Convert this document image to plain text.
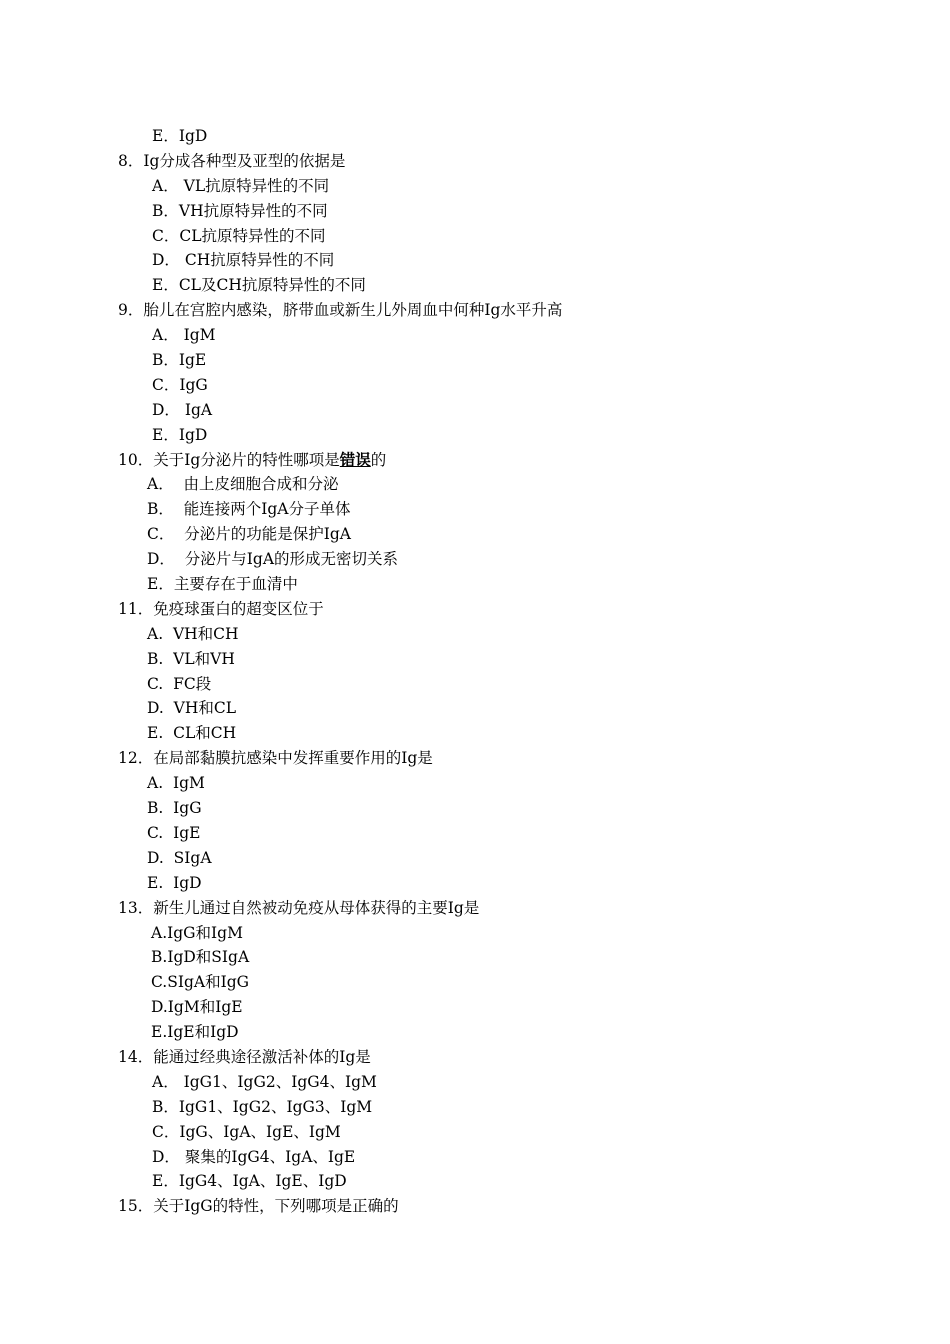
E．IgD
8．Ig分成各种型及亚型的依据是
A． VL抗原特异性的不同
B．VH抗原特异性的不同
C．CL抗原特异性的不同
D． CH抗原特异性的不同
E．CL及CH抗原特异性的不同
9．胎儿在宫腔内感染，脐带血或新生儿外周血中何种Ig水平升高
A． IgM
B．IgE
C．IgG
D． IgA
E．IgD
10．关于Ig分泌片的特性哪项是错误的
A．  由上皮细胞合成和分泌
B．  能连接两个IgA分子单体
C．  分泌片的功能是保护IgA
D．  分泌片与IgA的形成无密切关系
E．主要存在于血清中
11．免疫球蛋白的超变区位于
A.  VH和CH
B.  VL和VH
C.  FC段
D.  VH和CL
E.  CL和CH
12．在局部黏膜抗感染中发挥重要作用的Ig是
A.  IgM
B.  IgG
C.  IgE
D.  SIgA
E.  IgD
13．新生儿通过自然被动免疫从母体获得的主要Ig是
A.IgG和IgM
B.IgD和SIgA
C.SIgA和IgG
D.IgM和IgE
E.IgE和IgD
14．能通过经典途径激活补体的Ig是
A． IgG1、IgG2、IgG4、IgM
B．IgG1、IgG2、IgG3、IgM
C．IgG、IgA、IgE、IgM
D． 聚集的IgG4、IgA、IgE
E．IgG4、IgA、IgE、IgD
15．关于IgG的特性，下列哪项是正确的
